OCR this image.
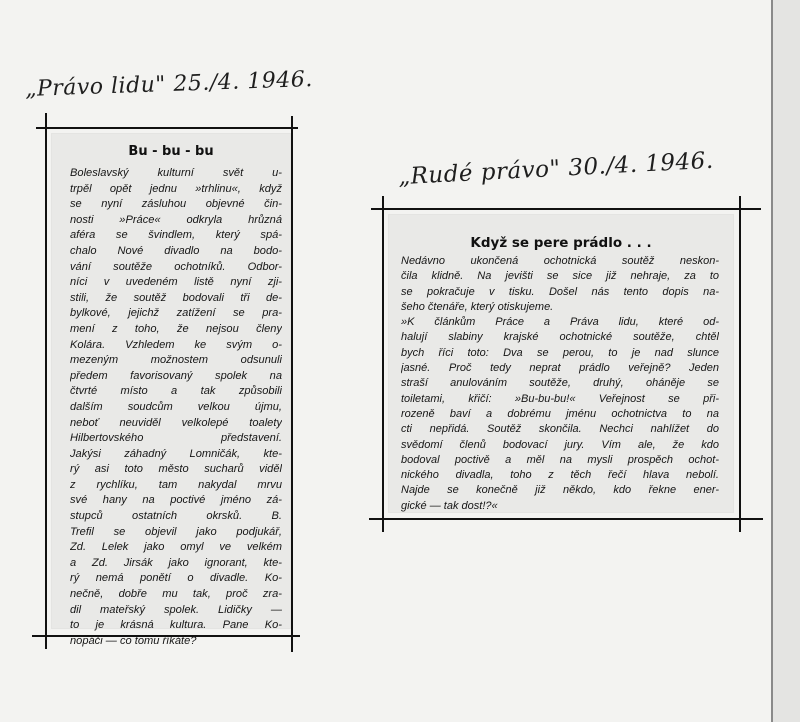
„Právo lidu" 25./4. 1946.
„Rudé právo" 30./4. 1946.
Bu - bu - bu
Boleslavský kulturní svět u-
trpěl opět jednu »trhlinu«, když
se nyní zásluhou objevné čin-
nosti »Práce« odkryla hrůzná
aféra se švindlem, který spá-
chalo Nové divadlo na bodo-
vání soutěže ochotníků. Odbor-
níci v uvedeném listě nyní zji-
stili, že soutěž bodovali tři de-
bylkové, jejichž zatížení se pra-
mení z toho, že nejsou členy
Kolára. Vzhledem ke svým o-
mezeným možnostem odsunuli
předem favorisovaný spolek na
čtvrté místo a tak způsobili
dalším soudcům velkou újmu,
neboť neuviděl velkolepé toalety
Hilbertovského představení.
Jakýsi záhadný Lomničák, kte-
rý asi toto město sucharů viděl
z rychlíku, tam nakydal mrvu
své hany na poctivé jméno zá-
stupců ostatních okrsků. B.
Trefil se objevil jako podjukář,
Zd. Lelek jako omyl ve velkém
a Zd. Jirsák jako ignorant, kte-
rý nemá ponětí o divadle. Ko-
nečně, dobře mu tak, proč zra-
dil mateřský spolek. Lidičky —
to je krásná kultura. Pane Ko-
nopáči — co tomu říkáte?
Když se pere prádlo . . .
Nedávno ukončená ochotnická soutěž neskon-
čila klidně. Na jevišti se sice již nehraje, za to
se pokračuje v tisku. Došel nás tento dopis na-
šeho čtenáře, který otiskujeme.
»K článkům Práce a Práva lidu, které od-
halují slabiny krajské ochotnické soutěže, chtěl
bych říci toto: Dva se perou, to je nad slunce
jasné. Proč tedy neprat prádlo veřejně? Jeden
straší anulováním soutěže, druhý, oháněje se
toiletami, křičí: »Bu-bu-bu!« Veřejnost se při-
rozeně baví a dobrému jménu ochotnictva to na
cti nepřidá. Soutěž skončila. Nechci nahlížet do
svědomí členů bodovací jury. Vím ale, že kdo
bodoval poctivě a měl na mysli prospěch ochot-
nického divadla, toho z těch řečí hlava nebolí.
Najde se konečně již někdo, kdo řekne ener-
gické — tak dost!?«
